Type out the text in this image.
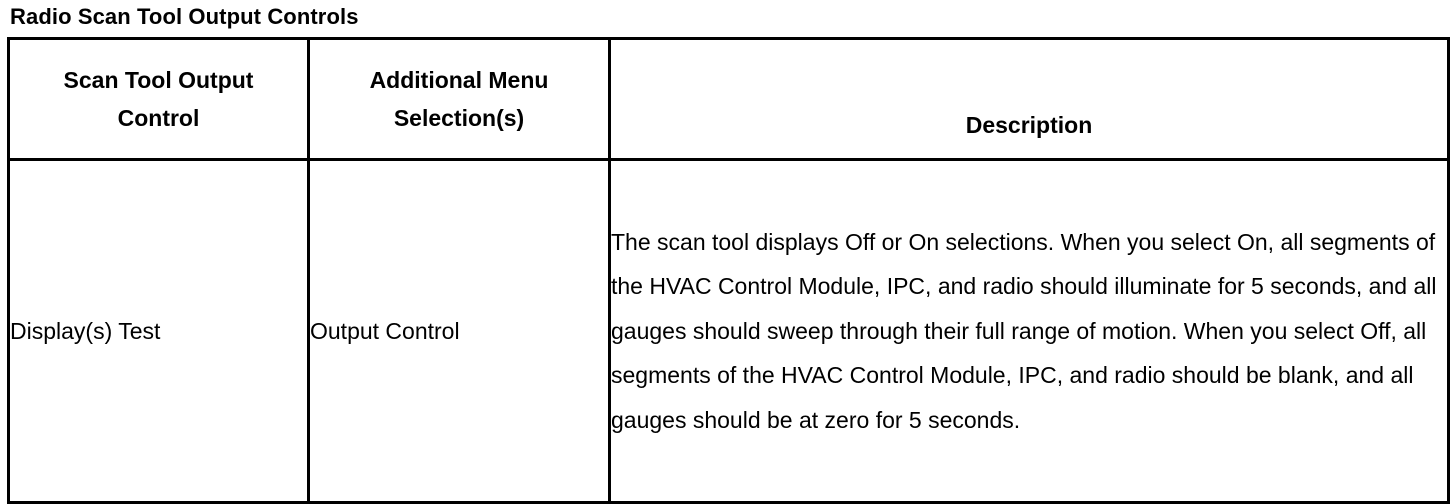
Radio Scan Tool Output Controls
Scan Tool Output Control	Additional Menu Selection(s)	Description
Display(s) Test	Output Control	The scan tool displays Off or On selections. When you select On, all segments of the HVAC Control Module, IPC, and radio should illuminate for 5 seconds, and all gauges should sweep through their full range of motion. When you select Off, all segments of the HVAC Control Module, IPC, and radio should be blank, and all gauges should be at zero for 5 seconds.
